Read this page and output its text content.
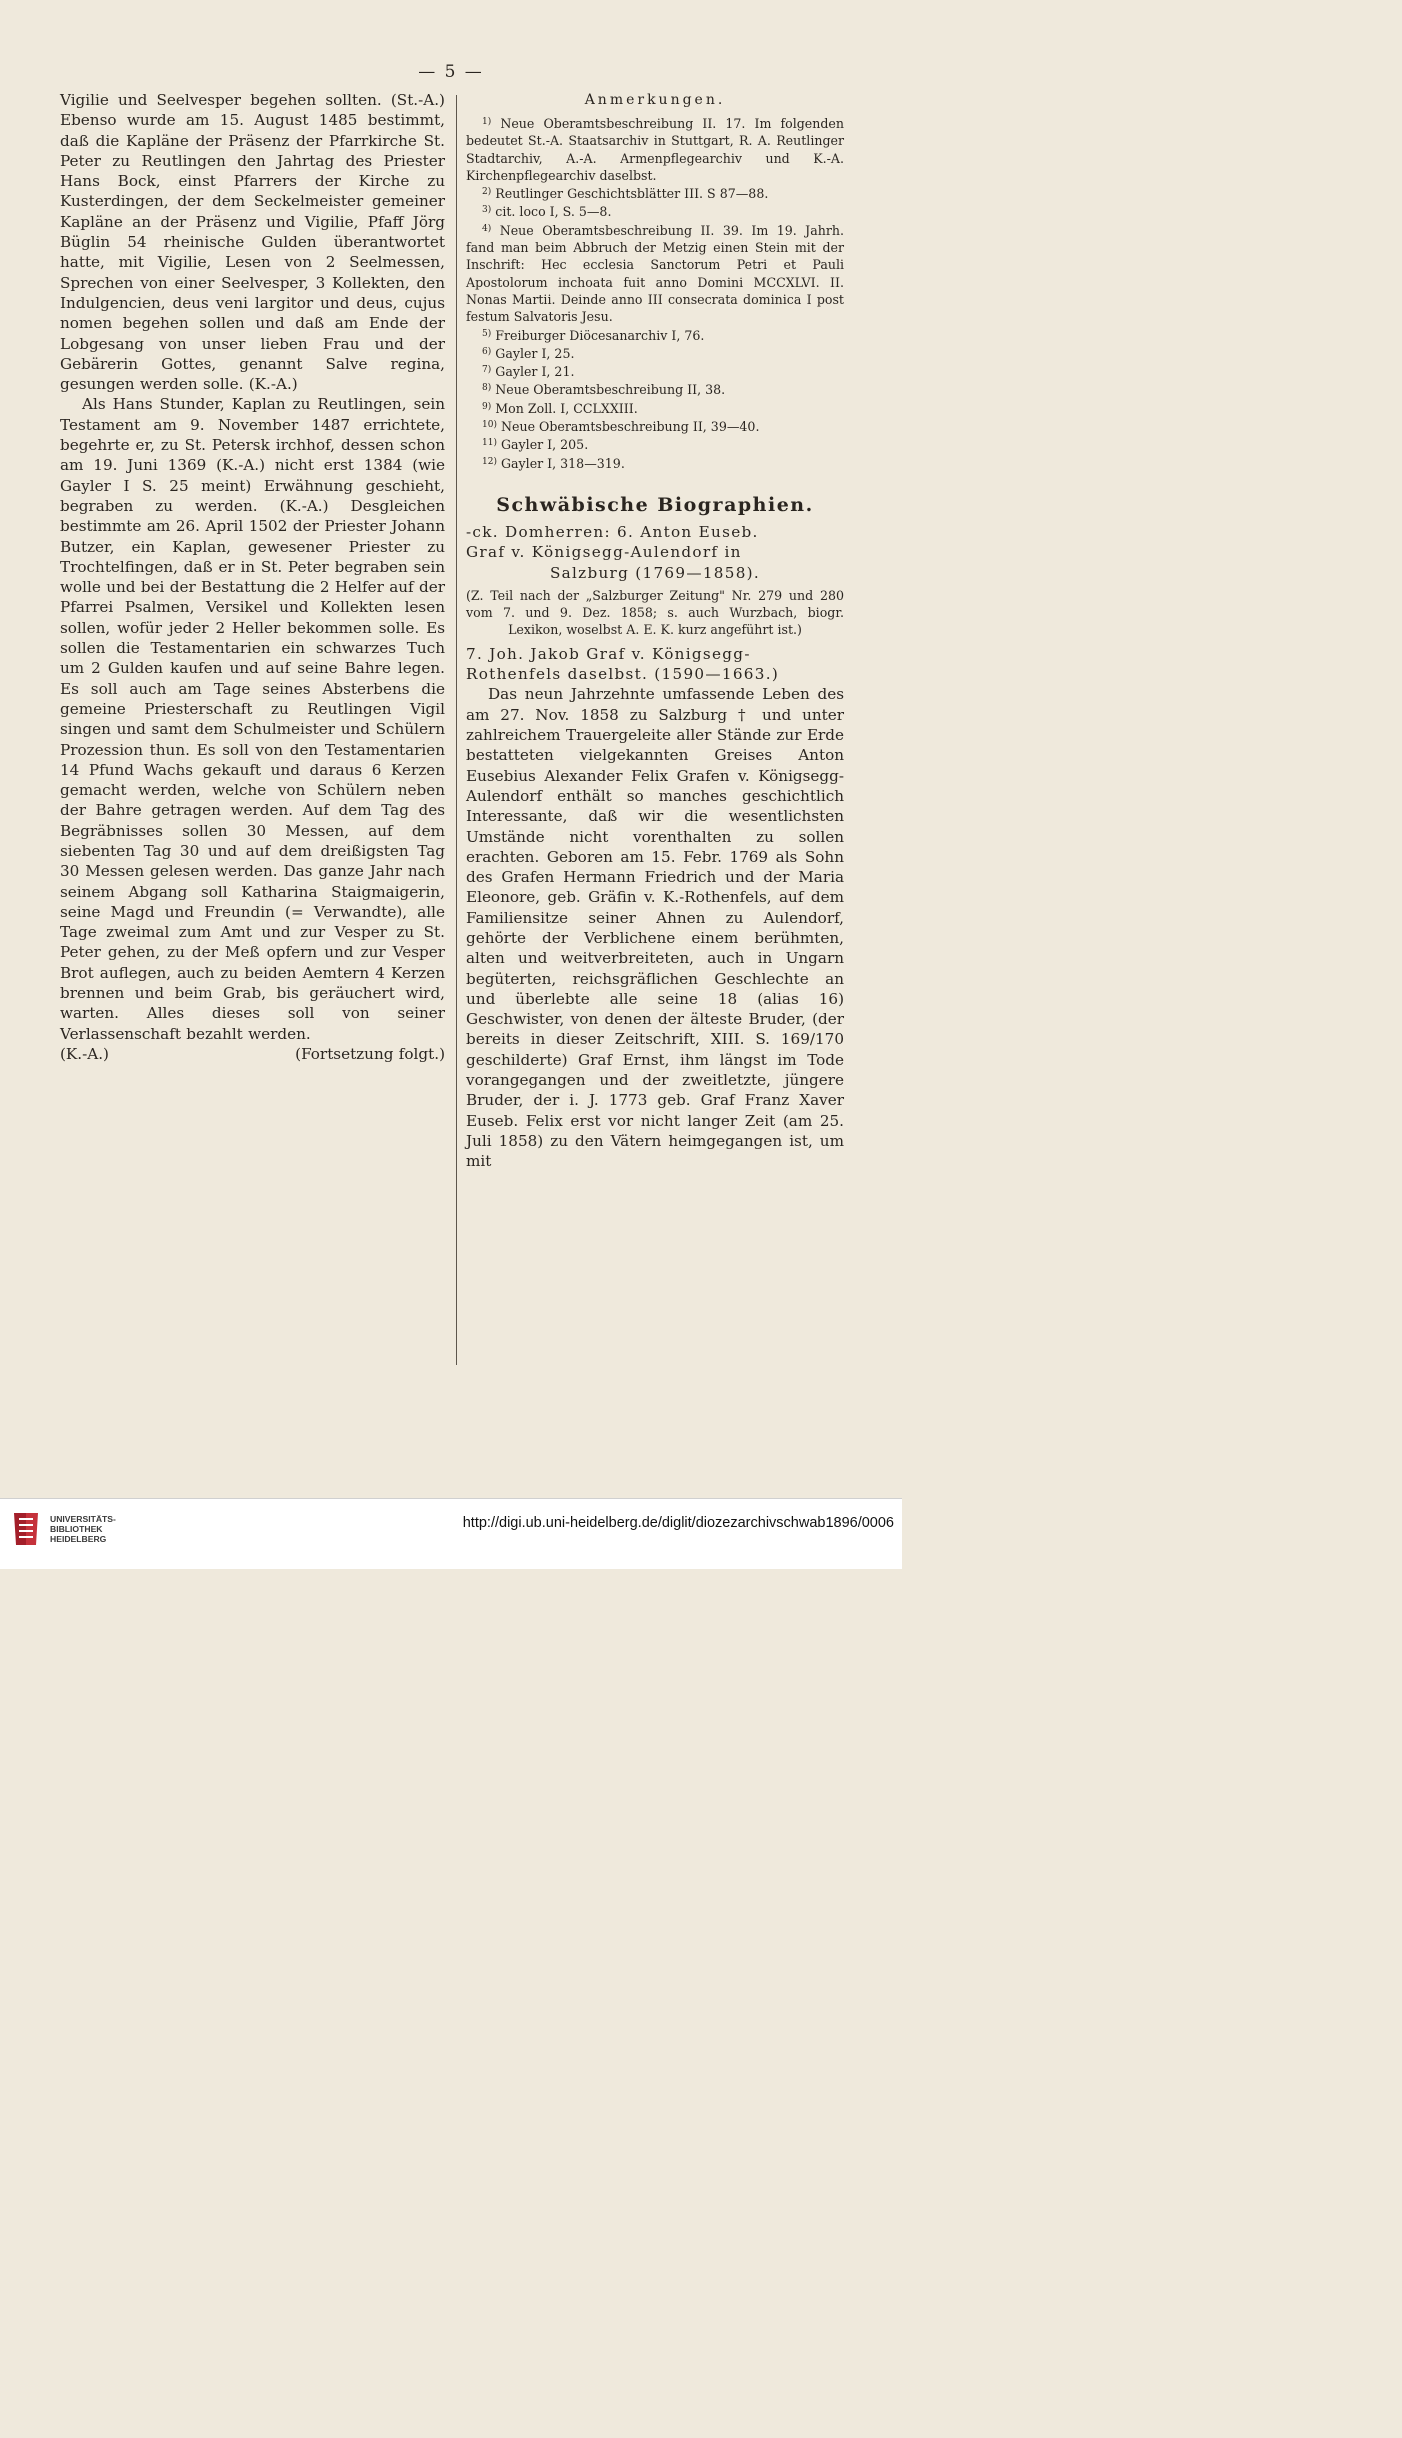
— 5 —

Vigilie und Seelvesper begehen sollten. (St.-A.) Ebenso wurde am 15. August 1485 bestimmt, daß die Kapläne der Präsenz der Pfarrkirche St. Peter zu Reutlingen den Jahrtag des Priester Hans Bock, einst Pfarrers der Kirche zu Kusterdingen, der dem Seckelmeister gemeiner Kapläne an der Präsenz und Vigilie, Pfaff Jörg Büglin 54 rheinische Gulden überantwortet hatte, mit Vigilie, Lesen von 2 Seelmessen, Sprechen von einer Seelvesper, 3 Kollekten, den Indulgencien, deus veni largitor und deus, cujus nomen begehen sollen und daß am Ende der Lobgesang von unser lieben Frau und der Gebärerin Gottes, genannt Salve regina, gesungen werden solle. (K.-A.)

Als Hans Stunder, Kaplan zu Reutlingen, sein Testament am 9. November 1487 errichtete, begehrte er, zu St. Petersk irchhof, dessen schon am 19. Juni 1369 (K.-A.) nicht erst 1384 (wie Gayler I S. 25 meint) Erwähnung geschieht, begraben zu werden. (K.-A.) Desgleichen bestimmte am 26. April 1502 der Priester Johann Butzer, ein Kaplan, gewesener Priester zu Trochtelfingen, daß er in St. Peter begraben sein wolle und bei der Bestattung die 2 Helfer auf der Pfarrei Psalmen, Versikel und Kollekten lesen sollen, wofür jeder 2 Heller bekommen solle. Es sollen die Testamentarien ein schwarzes Tuch um 2 Gulden kaufen und auf seine Bahre legen. Es soll auch am Tage seines Absterbens die gemeine Priesterschaft zu Reutlingen Vigil singen und samt dem Schulmeister und Schülern Prozession thun. Es soll von den Testamentarien 14 Pfund Wachs gekauft und daraus 6 Kerzen gemacht werden, welche von Schülern neben der Bahre getragen werden. Auf dem Tag des Begräbnisses sollen 30 Messen, auf dem siebenten Tag 30 und auf dem dreißigsten Tag 30 Messen gelesen werden. Das ganze Jahr nach seinem Abgang soll Katharina Staigmaigerin, seine Magd und Freundin (= Verwandte), alle Tage zweimal zum Amt und zur Vesper zu St. Peter gehen, zu der Meß opfern und zur Vesper Brot auflegen, auch zu beiden Aemtern 4 Kerzen brennen und beim Grab, bis geräuchert wird, warten. Alles dieses soll von seiner Verlassenschaft bezahlt werden.

(K.-A.)	(Fortsetzung folgt.)
Anmerkungen.

$^{1)}$ Neue Oberamtsbeschreibung II. 17. Im folgenden bedeutet St.-A. Staatsarchiv in Stuttgart, R. A. Reutlinger Stadtarchiv, A.-A. Armenpflegearchiv und K.-A. Kirchenpflegearchiv daselbst.

$^{2)}$ Reutlinger Geschichtsblätter III. S 87—88.

$^{3)}$ cit. loco I, S. 5—8.

$^{4)}$ Neue Oberamtsbeschreibung II. 39. Im 19. Jahrh. fand man beim Abbruch der Metzig einen Stein mit der Inschrift: Hec ecclesia Sanctorum Petri et Pauli Apostolorum inchoata fuit anno Domini MCCXLVI. II. Nonas Martii. Deinde anno III consecrata dominica I post festum Salvatoris Jesu.

$^{5)}$ Freiburger Diöcesanarchiv I, 76.

$^{6)}$ Gayler I, 25.

$^{7)}$ Gayler I, 21.

$^{8)}$ Neue Oberamtsbeschreibung II, 38.

$^{9)}$ Mon Zoll. I, CCLXXIII.

$^{10)}$ Neue Oberamtsbeschreibung II, 39—40.

$^{11)}$ Gayler I, 205.

$^{12)}$ Gayler I, 318—319.

Schwäbische Biographien.

-ck. Domherren: 6. Anton Euseb.

Graf v. Königsegg-Aulendorf in

Salzburg (1769—1858).

(Z. Teil nach der „Salzburger Zeitung" Nr. 279 und 280 vom 7. und 9. Dez. 1858; s. auch Wurzbach, biogr. Lexikon, woselbst A. E. K. kurz angeführt ist.)

7. Joh. Jakob Graf v. Königsegg-

Rothenfels daselbst. (1590—1663.)

Das neun Jahrzehnte umfassende Leben des am 27. Nov. 1858 zu Salzburg † und unter zahlreichem Trauergeleite aller Stände zur Erde bestatteten vielgekannten Greises Anton Eusebius Alexander Felix Grafen v. Königsegg-Aulendorf enthält so manches geschichtlich Interessante, daß wir die wesentlichsten Umstände nicht vorenthalten zu sollen erachten. Geboren am 15. Febr. 1769 als Sohn des Grafen Hermann Friedrich und der Maria Eleonore, geb. Gräfin v. K.-Rothenfels, auf dem Familiensitze seiner Ahnen zu Aulendorf, gehörte der Verblichene einem berühmten, alten und weitverbreiteten, auch in Ungarn begüterten, reichsgräflichen Geschlechte an und überlebte alle seine 18 (alias 16) Geschwister, von denen der älteste Bruder, (der bereits in dieser Zeitschrift, XIII. S. 169/170 geschilderte) Graf Ernst, ihm längst im Tode vorangegangen und der zweitletzte, jüngere Bruder, der i. J. 1773 geb. Graf Franz Xaver Euseb. Felix erst vor nicht langer Zeit (am 25. Juli 1858) zu den Vätern heimgegangen ist, um mit

UNIVERSITÄTS-
BIBLIOTHEK
HEIDELBERG
http://digi.ub.uni-heidelberg.de/diglit/diozezarchivschwab1896/0006
